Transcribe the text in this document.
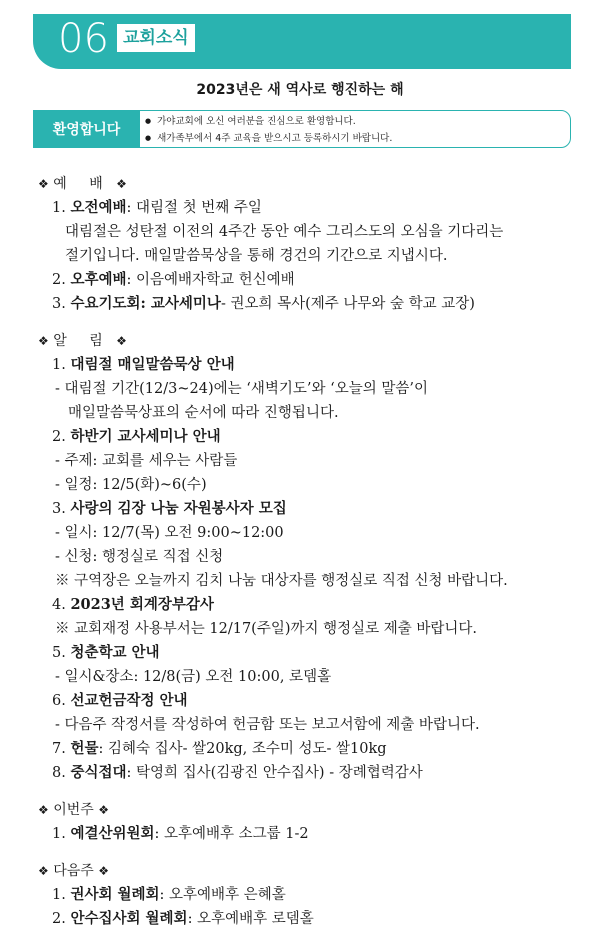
06 교회소식
2023년은 새 역사로 행진하는 해
환영합니다
● 가야교회에 오신 여러분을 진심으로 환영합니다.
● 새가족부에서 4주 교육을 받으시고 등록하시기 바랍니다.
❖ 예 배 ❖
1. 오전예배: 대림절 첫 번째 주일
대림절은 성탄절 이전의 4주간 동안 예수 그리스도의 오심을 기다리는
절기입니다. 매일말씀묵상을 통해 경건의 기간으로 지냅시다.
2. 오후예배: 이음예배자학교 헌신예배
3. 수요기도회: 교사세미나- 권오희 목사(제주 나무와 숲 학교 교장)
❖ 알 림 ❖
1. 대림절 매일말씀묵상 안내
- 대림절 기간(12/3~24)에는 ‘새벽기도’와 ‘오늘의 말씀’이
매일말씀묵상표의 순서에 따라 진행됩니다.
2. 하반기 교사세미나 안내
- 주제: 교회를 세우는 사람들
- 일정: 12/5(화)~6(수)
3. 사랑의 김장 나눔 자원봉사자 모집
- 일시: 12/7(목) 오전 9:00~12:00
- 신청: 행정실로 직접 신청
※ 구역장은 오늘까지 김치 나눔 대상자를 행정실로 직접 신청 바랍니다.
4. 2023년 회계장부감사
※ 교회재정 사용부서는 12/17(주일)까지 행정실로 제출 바랍니다.
5. 청춘학교 안내
- 일시&장소: 12/8(금) 오전 10:00, 로뎀홀
6. 선교헌금작정 안내
- 다음주 작정서를 작성하여 헌금함 또는 보고서함에 제출 바랍니다.
7. 헌물: 김혜숙 집사- 쌀20kg, 조수미 성도- 쌀10kg
8. 중식접대: 탁영희 집사(김광진 안수집사) - 장례협력감사
❖ 이번주 ❖
1. 예결산위원회: 오후예배후 소그룹 1-2
❖ 다음주 ❖
1. 권사회 월례회: 오후예배후 은혜홀
2. 안수집사회 월례회: 오후예배후 로뎀홀
